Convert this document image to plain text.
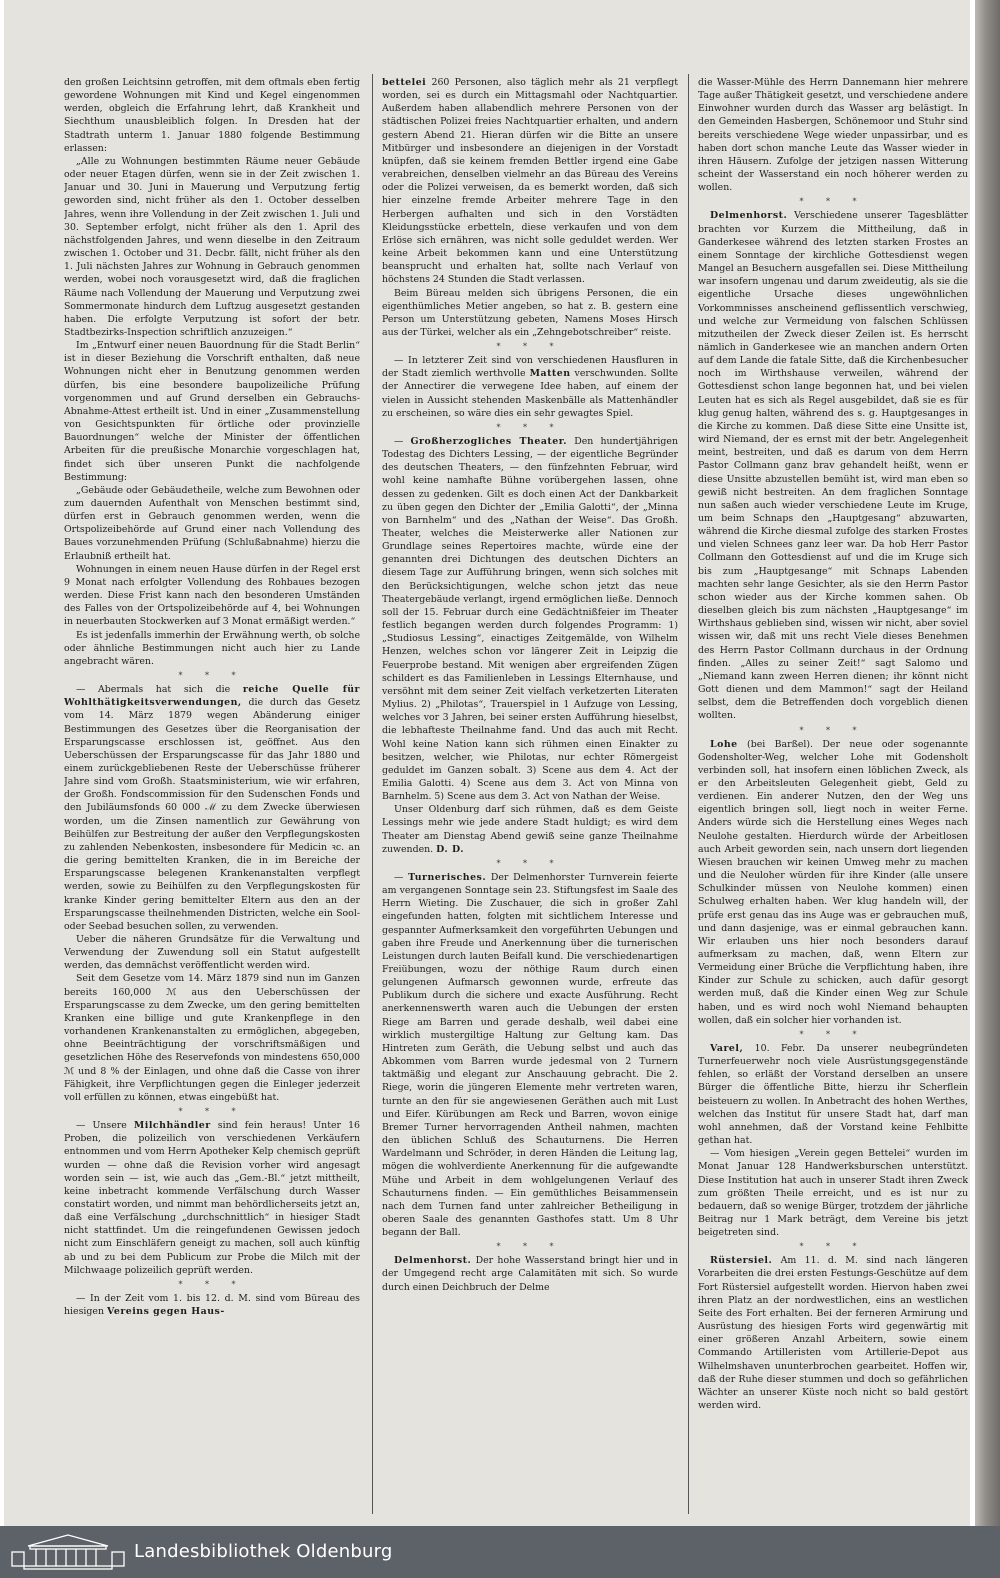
den großen Leichtsinn getroffen, mit dem oftmals eben fertig gewordene Wohnungen mit Kind und Kegel eingenommen werden, obgleich die Erfahrung lehrt, daß Krankheit und Siechthum unausbleiblich folgen. In Dresden hat der Stadtrath unterm 1. Januar 1880 folgende Bestimmung erlassen:

„Alle zu Wohnungen bestimmten Räume neuer Gebäude oder neuer Etagen dürfen, wenn sie in der Zeit zwischen 1. Januar und 30. Juni in Mauerung und Verputzung fertig geworden sind, nicht früher als den 1. October desselben Jahres, wenn ihre Vollendung in der Zeit zwischen 1. Juli und 30. September erfolgt, nicht früher als den 1. April des nächstfolgenden Jahres, und wenn dieselbe in den Zeitraum zwischen 1. October und 31. Decbr. fällt, nicht früher als den 1. Juli nächsten Jahres zur Wohnung in Gebrauch genommen werden, wobei noch vorausgesetzt wird, daß die fraglichen Räume nach Vollendung der Mauerung und Verputzung zwei Sommermonate hindurch dem Luftzug ausgesetzt gestanden haben. Die erfolgte Verputzung ist sofort der betr. Stadtbezirks-Inspection schriftlich anzuzeigen.“

Im „Entwurf einer neuen Bauordnung für die Stadt Berlin“ ist in dieser Beziehung die Vorschrift enthalten, daß neue Wohnungen nicht eher in Benutzung genommen werden dürfen, bis eine besondere baupolizeiliche Prüfung vorgenommen und auf Grund derselben ein Gebrauchs-Abnahme-Attest ertheilt ist. Und in einer „Zusammenstellung von Gesichtspunkten für örtliche oder provinzielle Bauordnungen“ welche der Minister der öffentlichen Arbeiten für die preußische Monarchie vorgeschlagen hat, findet sich über unseren Punkt die nachfolgende Bestimmung:

„Gebäude oder Gebäudetheile, welche zum Bewohnen oder zum dauernden Aufenthalt von Menschen bestimmt sind, dürfen erst in Gebrauch genommen werden, wenn die Ortspolizeibehörde auf Grund einer nach Vollendung des Baues vorzunehmenden Prüfung (Schlußabnahme) hierzu die Erlaubniß ertheilt hat.

Wohnungen in einem neuen Hause dürfen in der Regel erst 9 Monat nach erfolgter Vollendung des Rohbaues bezogen werden. Diese Frist kann nach den besonderen Umständen des Falles von der Ortspolizeibehörde auf 4, bei Wohnungen in neuerbauten Stockwerken auf 3 Monat ermäßigt werden.“

Es ist jedenfalls immerhin der Erwähnung werth, ob solche oder ähnliche Bestimmungen nicht auch hier zu Lande angebracht wären.

* * *

— Abermals hat sich die reiche Quelle für Wohlthätigkeitsverwendungen, die durch das Gesetz vom 14. März 1879 wegen Abänderung einiger Bestimmungen des Gesetzes über die Reorganisation der Ersparungscasse erschlossen ist, geöffnet. Aus den Ueberschüssen der Ersparungscasse für das Jahr 1880 und einem zurückgebliebenen Reste der Ueberschüsse früherer Jahre sind vom Großh. Staatsministerium, wie wir erfahren, der Großh. Fondscommission für den Sudenschen Fonds und den Jubiläumsfonds 60 000 ℳ zu dem Zwecke überwiesen worden, um die Zinsen namentlich zur Gewährung von Beihülfen zur Bestreitung der außer den Verpflegungskosten zu zahlenden Nebenkosten, insbesondere für Medicin ꝛc. an die gering bemittelten Kranken, die in im Bereiche der Ersparungscasse belegenen Krankenanstalten verpflegt werden, sowie zu Beihülfen zu den Verpflegungskosten für kranke Kinder gering bemittelter Eltern aus den an der Ersparungscasse theilnehmenden Districten, welche ein Sool- oder Seebad besuchen sollen, zu verwenden.

Ueber die näheren Grundsätze für die Verwaltung und Verwendung der Zuwendung soll ein Statut aufgestellt werden, das demnächst veröffentlicht werden wird.

Seit dem Gesetze vom 14. März 1879 sind nun im Ganzen bereits 160,000 ℳ aus den Ueberschüssen der Ersparungscasse zu dem Zwecke, um den gering bemittelten Kranken eine billige und gute Krankenpflege in den vorhandenen Krankenanstalten zu ermöglichen, abgegeben, ohne Beeinträchtigung der vorschriftsmäßigen und gesetzlichen Höhe des Reservefonds von mindestens 650,000 ℳ und 8 % der Einlagen, und ohne daß die Casse von ihrer Fähigkeit, ihre Verpflichtungen gegen die Einleger jederzeit voll erfüllen zu können, etwas eingebüßt hat.

* * *

— Unsere Milchhändler sind fein heraus! Unter 16 Proben, die polizeilich von verschiedenen Verkäufern entnommen und vom Herrn Apotheker Kelp chemisch geprüft wurden — ohne daß die Revision vorher wird angesagt worden sein — ist, wie auch das „Gem.-Bl.“ jetzt mittheilt, keine inbetracht kommende Verfälschung durch Wasser constatirt worden, und nimmt man behördlicherseits jetzt an, daß eine Verfälschung „durchschnittlich“ in hiesiger Stadt nicht stattfindet. Um die reingefundenen Gewissen jedoch nicht zum Einschläfern geneigt zu machen, soll auch künftig ab und zu bei dem Publicum zur Probe die Milch mit der Milchwaage polizeilich geprüft werden.

* * *

— In der Zeit vom 1. bis 12. d. M. sind vom Büreau des hiesigen Vereins gegen Haus-

bettelei 260 Personen, also täglich mehr als 21 verpflegt worden, sei es durch ein Mittagsmahl oder Nachtquartier. Außerdem haben allabendlich mehrere Personen von der städtischen Polizei freies Nachtquartier erhalten, und andern gestern Abend 21. Hieran dürfen wir die Bitte an unsere Mitbürger und insbesondere an diejenigen in der Vorstadt knüpfen, daß sie keinem fremden Bettler irgend eine Gabe verabreichen, denselben vielmehr an das Büreau des Vereins oder die Polizei verweisen, da es bemerkt worden, daß sich hier einzelne fremde Arbeiter mehrere Tage in den Herbergen aufhalten und sich in den Vorstädten Kleidungsstücke erbetteln, diese verkaufen und von dem Erlöse sich ernähren, was nicht solle geduldet werden. Wer keine Arbeit bekommen kann und eine Unterstützung beansprucht und erhalten hat, sollte nach Verlauf von höchstens 24 Stunden die Stadt verlassen.

Beim Büreau melden sich übrigens Personen, die ein eigenthümliches Metier angeben, so hat z. B. gestern eine Person um Unterstützung gebeten, Namens Moses Hirsch aus der Türkei, welcher als ein „Zehngebotschreiber“ reiste.

* * *

— In letzterer Zeit sind von verschiedenen Hausfluren in der Stadt ziemlich werthvolle Matten verschwunden. Sollte der Annectirer die verwegene Idee haben, auf einem der vielen in Aussicht stehenden Maskenbälle als Mattenhändler zu erscheinen, so wäre dies ein sehr gewagtes Spiel.

* * *

— Großherzogliches Theater. Den hundertjährigen Todestag des Dichters Lessing, — der eigentliche Begründer des deutschen Theaters, — den fünfzehnten Februar, wird wohl keine namhafte Bühne vorübergehen lassen, ohne dessen zu gedenken. Gilt es doch einen Act der Dankbarkeit zu üben gegen den Dichter der „Emilia Galotti“, der „Minna von Barnhelm“ und des „Nathan der Weise“. Das Großh. Theater, welches die Meisterwerke aller Nationen zur Grundlage seines Repertoires machte, würde eine der genannten drei Dichtungen des deutschen Dichters an diesem Tage zur Aufführung bringen, wenn sich solches mit den Berücksichtigungen, welche schon jetzt das neue Theatergebäude verlangt, irgend ermöglichen ließe. Dennoch soll der 15. Februar durch eine Gedächtnißfeier im Theater festlich begangen werden durch folgendes Programm: 1) „Studiosus Lessing“, einactiges Zeitgemälde, von Wilhelm Henzen, welches schon vor längerer Zeit in Leipzig die Feuerprobe bestand. Mit wenigen aber ergreifenden Zügen schildert es das Familienleben in Lessings Elternhause, und versöhnt mit dem seiner Zeit vielfach verketzerten Literaten Mylius. 2) „Philotas“, Trauerspiel in 1 Aufzuge von Lessing, welches vor 3 Jahren, bei seiner ersten Aufführung hieselbst, die lebhafteste Theilnahme fand. Und das auch mit Recht. Wohl keine Nation kann sich rühmen einen Einakter zu besitzen, welcher, wie Philotas, nur echter Römergeist geduldet im Ganzen sobalt. 3) Scene aus dem 4. Act der Emilia Galotti. 4) Scene aus dem 3. Act von Minna von Barnhelm. 5) Scene aus dem 3. Act von Nathan der Weise.

Unser Oldenburg darf sich rühmen, daß es dem Geiste Lessings mehr wie jede andere Stadt huldigt; es wird dem Theater am Dienstag Abend gewiß seine ganze Theilnahme zuwenden. D. D.

* * *

— Turnerisches. Der Delmenhorster Turnverein feierte am vergangenen Sonntage sein 23. Stiftungsfest im Saale des Herrn Wieting. Die Zuschauer, die sich in großer Zahl eingefunden hatten, folgten mit sichtlichem Interesse und gespannter Aufmerksamkeit den vorgeführten Uebungen und gaben ihre Freude und Anerkennung über die turnerischen Leistungen durch lauten Beifall kund. Die verschiedenartigen Freiübungen, wozu der nöthige Raum durch einen gelungenen Aufmarsch gewonnen wurde, erfreute das Publikum durch die sichere und exacte Ausführung. Recht anerkennenswerth waren auch die Uebungen der ersten Riege am Barren und gerade deshalb, weil dabei eine wirklich mustergiltige Haltung zur Geltung kam. Das Hintreten zum Geräth, die Uebung selbst und auch das Abkommen vom Barren wurde jedesmal von 2 Turnern taktmäßig und elegant zur Anschauung gebracht. Die 2. Riege, worin die jüngeren Elemente mehr vertreten waren, turnte an den für sie angewiesenen Geräthen auch mit Lust und Eifer. Kürübungen am Reck und Barren, wovon einige Bremer Turner hervorragenden Antheil nahmen, machten den üblichen Schluß des Schauturnens. Die Herren Wardelmann und Schröder, in deren Händen die Leitung lag, mögen die wohlverdiente Anerkennung für die aufgewandte Mühe und Arbeit in dem wohlgelungenen Verlauf des Schauturnens finden. — Ein gemüthliches Beisammensein nach dem Turnen fand unter zahlreicher Betheiligung in oberen Saale des genannten Gasthofes statt. Um 8 Uhr begann der Ball.

* * *

Delmenhorst. Der hohe Wasserstand bringt hier und in der Umgegend recht arge Calamitäten mit sich. So wurde durch einen Deichbruch der Delme

die Wasser-Mühle des Herrn Dannemann hier mehrere Tage außer Thätigkeit gesetzt, und verschiedene andere Einwohner wurden durch das Wasser arg belästigt. In den Gemeinden Hasbergen, Schönemoor und Stuhr sind bereits verschiedene Wege wieder unpassirbar, und es haben dort schon manche Leute das Wasser wieder in ihren Häusern. Zufolge der jetzigen nassen Witterung scheint der Wasserstand ein noch höherer werden zu wollen.

* * *

Delmenhorst. Verschiedene unserer Tagesblätter brachten vor Kurzem die Mittheilung, daß in Ganderkesee während des letzten starken Frostes an einem Sonntage der kirchliche Gottesdienst wegen Mangel an Besuchern ausgefallen sei. Diese Mittheilung war insofern ungenau und darum zweideutig, als sie die eigentliche Ursache dieses ungewöhnlichen Vorkommnisses anscheinend geflissentlich verschwieg, und welche zur Vermeidung von falschen Schlüssen mitzutheilen der Zweck dieser Zeilen ist. Es herrscht nämlich in Ganderkesee wie an manchen andern Orten auf dem Lande die fatale Sitte, daß die Kirchenbesucher noch im Wirthshause verweilen, während der Gottesdienst schon lange begonnen hat, und bei vielen Leuten hat es sich als Regel ausgebildet, daß sie es für klug genug halten, während des s. g. Hauptgesanges in die Kirche zu kommen. Daß diese Sitte eine Unsitte ist, wird Niemand, der es ernst mit der betr. Angelegenheit meint, bestreiten, und daß es darum von dem Herrn Pastor Collmann ganz brav gehandelt heißt, wenn er diese Unsitte abzustellen bemüht ist, wird man eben so gewiß nicht bestreiten. An dem fraglichen Sonntage nun saßen auch wieder verschiedene Leute im Kruge, um beim Schnaps den „Hauptgesang“ abzuwarten, während die Kirche diesmal zufolge des starken Frostes und vielen Schnees ganz leer war. Da hob Herr Pastor Collmann den Gottesdienst auf und die im Kruge sich bis zum „Hauptgesange“ mit Schnaps Labenden machten sehr lange Gesichter, als sie den Herrn Pastor schon wieder aus der Kirche kommen sahen. Ob dieselben gleich bis zum nächsten „Hauptgesange“ im Wirthshaus geblieben sind, wissen wir nicht, aber soviel wissen wir, daß mit uns recht Viele dieses Benehmen des Herrn Pastor Collmann durchaus in der Ordnung finden. „Alles zu seiner Zeit!“ sagt Salomo und „Niemand kann zween Herren dienen; ihr könnt nicht Gott dienen und dem Mammon!“ sagt der Heiland selbst, dem die Betreffenden doch vorgeblich dienen wollten.

* * *

Lohe (bei Barßel). Der neue oder sogenannte Godensholter-Weg, welcher Lohe mit Godensholt verbinden soll, hat insofern einen löblichen Zweck, als er den Arbeitsleuten Gelegenheit giebt, Geld zu verdienen. Ein anderer Nutzen, den der Weg uns eigentlich bringen soll, liegt noch in weiter Ferne. Anders würde sich die Herstellung eines Weges nach Neulohe gestalten. Hierdurch würde der Arbeitlosen auch Arbeit geworden sein, nach unsern dort liegenden Wiesen brauchen wir keinen Umweg mehr zu machen und die Neuloher würden für ihre Kinder (alle unsere Schulkinder müssen von Neulohe kommen) einen Schulweg erhalten haben. Wer klug handeln will, der prüfe erst genau das ins Auge was er gebrauchen muß, und dann dasjenige, was er einmal gebrauchen kann. Wir erlauben uns hier noch besonders darauf aufmerksam zu machen, daß, wenn Eltern zur Vermeidung einer Brüche die Verpflichtung haben, ihre Kinder zur Schule zu schicken, auch dafür gesorgt werden muß, daß die Kinder einen Weg zur Schule haben, und es wird noch wohl Niemand behaupten wollen, daß ein solcher hier vorhanden ist.

* * *

Varel, 10. Febr. Da unserer neubegründeten Turnerfeuerwehr noch viele Ausrüstungsgegenstände fehlen, so erläßt der Vorstand derselben an unsere Bürger die öffentliche Bitte, hierzu ihr Scherflein beisteuern zu wollen. In Anbetracht des hohen Werthes, welchen das Institut für unsere Stadt hat, darf man wohl annehmen, daß der Vorstand keine Fehlbitte gethan hat.

— Vom hiesigen „Verein gegen Bettelei“ wurden im Monat Januar 128 Handwerksburschen unterstützt. Diese Institution hat auch in unserer Stadt ihren Zweck zum größten Theile erreicht, und es ist nur zu bedauern, daß so wenige Bürger, trotzdem der jährliche Beitrag nur 1 Mark beträgt, dem Vereine bis jetzt beigetreten sind.

* * *

Rüstersiel. Am 11. d. M. sind nach längeren Vorarbeiten die drei ersten Festungs-Geschütze auf dem Fort Rüstersiel aufgestellt worden. Hiervon haben zwei ihren Platz an der nordwestlichen, eins an westlichen Seite des Fort erhalten. Bei der ferneren Armirung und Ausrüstung des hiesigen Forts wird gegenwärtig mit einer größeren Anzahl Arbeitern, sowie einem Commando Artilleristen vom Artillerie-Depot aus Wilhelmshaven ununterbrochen gearbeitet. Hoffen wir, daß der Ruhe dieser stummen und doch so gefährlichen Wächter an unserer Küste noch nicht so bald gestört werden wird.

Landesbibliothek Oldenburg
